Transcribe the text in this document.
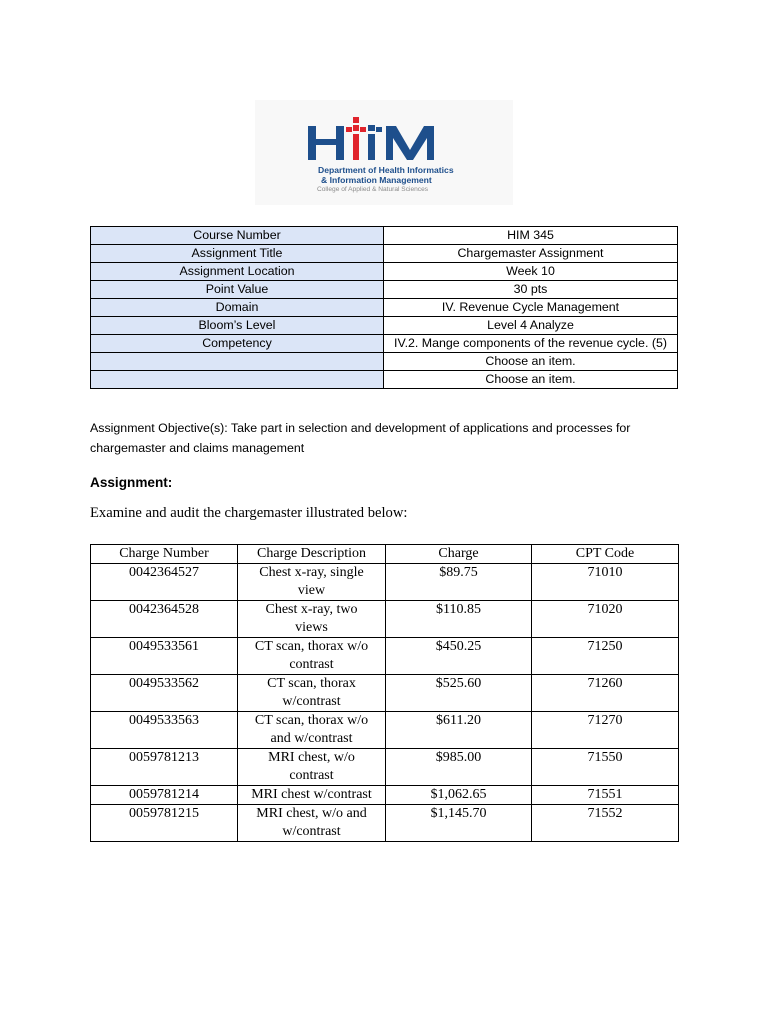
Department of Health Informatics
& Information Management
College of Applied & Natural Sciences
Course Number	HIM 345
Assignment Title	Chargemaster Assignment
Assignment Location	Week 10
Point Value	30 pts
Domain	IV. Revenue Cycle Management
Bloom’s Level	Level 4 Analyze
Competency	IV.2. Mange components of the revenue cycle. (5)
	Choose an item.
	Choose an item.
Assignment Objective(s): Take part in selection and development of applications and processes for
chargemaster and claims management
Assignment:
Examine and audit the chargemaster illustrated below:
Charge Number	Charge Description	Charge	CPT Code
0042364527	Chest x-ray, single
view	$89.75	71010
0042364528	Chest x-ray, two
views	$110.85	71020
0049533561	CT scan, thorax w/o
contrast	$450.25	71250
0049533562	CT scan, thorax
w/contrast	$525.60	71260
0049533563	CT scan, thorax w/o
and w/contrast	$611.20	71270
0059781213	MRI chest, w/o
contrast	$985.00	71550
0059781214	MRI chest w/contrast	$1,062.65	71551
0059781215	MRI chest, w/o and
w/contrast	$1,145.70	71552
